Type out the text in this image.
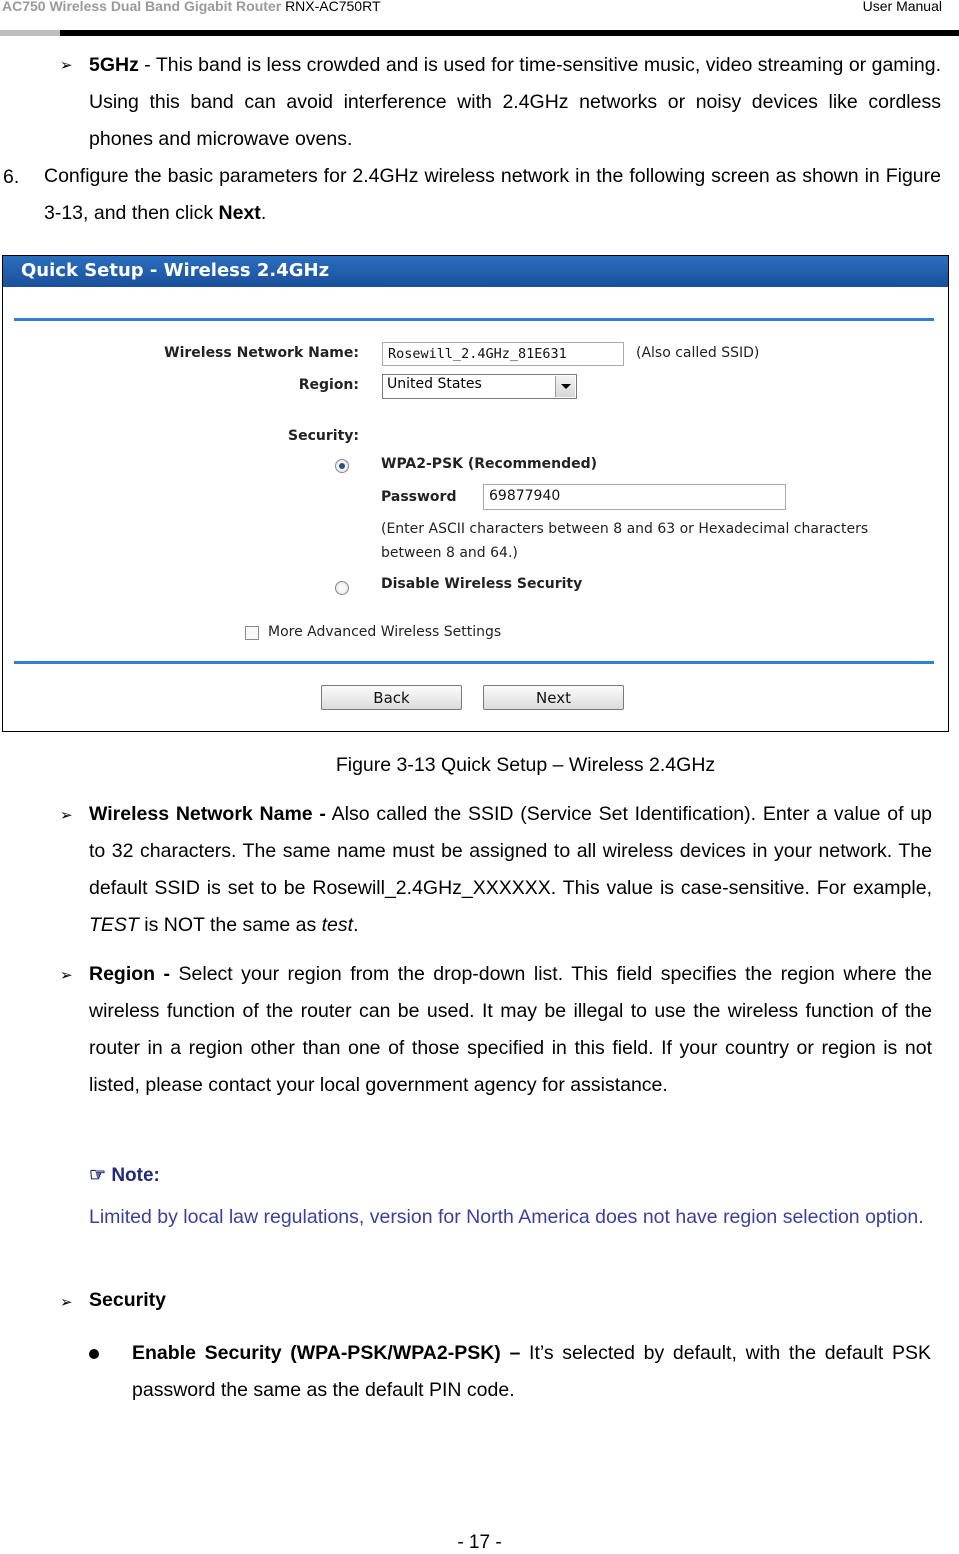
AC750 Wireless Dual Band Gigabit Router RNX-AC750RT	User Manual
➢ 5GHz - This band is less crowded and is used for time-sensitive music, video streaming or gaming. Using this band can avoid interference with 2.4GHz networks or noisy devices like cordless phones and microwave ovens.
6. Configure the basic parameters for 2.4GHz wireless network in the following screen as shown in Figure 3-13, and then click Next.
Quick Setup - Wireless 2.4GHz
Wireless Network Name:	Rosewill_2.4GHz_81E631	(Also called SSID)
Region: United States
Security:
WPA2-PSK (Recommended)
Password	69877940
(Enter ASCII characters between 8 and 63 or Hexadecimal characters
between 8 and 64.)
Disable Wireless Security
More Advanced Wireless Settings
Back	Next
Figure 3-13 Quick Setup – Wireless 2.4GHz
➢ Wireless Network Name - Also called the SSID (Service Set Identification). Enter a value of up to 32 characters. The same name must be assigned to all wireless devices in your network. The default SSID is set to be Rosewill_2.4GHz_XXXXXX. This value is case-sensitive. For example, TEST is NOT the same as test.
➢ Region - Select your region from the drop-down list. This field specifies the region where the wireless function of the router can be used. It may be illegal to use the wireless function of the router in a region other than one of those specified in this field. If your country or region is not listed, please contact your local government agency for assistance.
☞ Note:
Limited by local law regulations, version for North America does not have region selection option.
➢ Security
Enable Security (WPA-PSK/WPA2-PSK) – It’s selected by default, with the default PSK password the same as the default PIN code.
- 17 -
